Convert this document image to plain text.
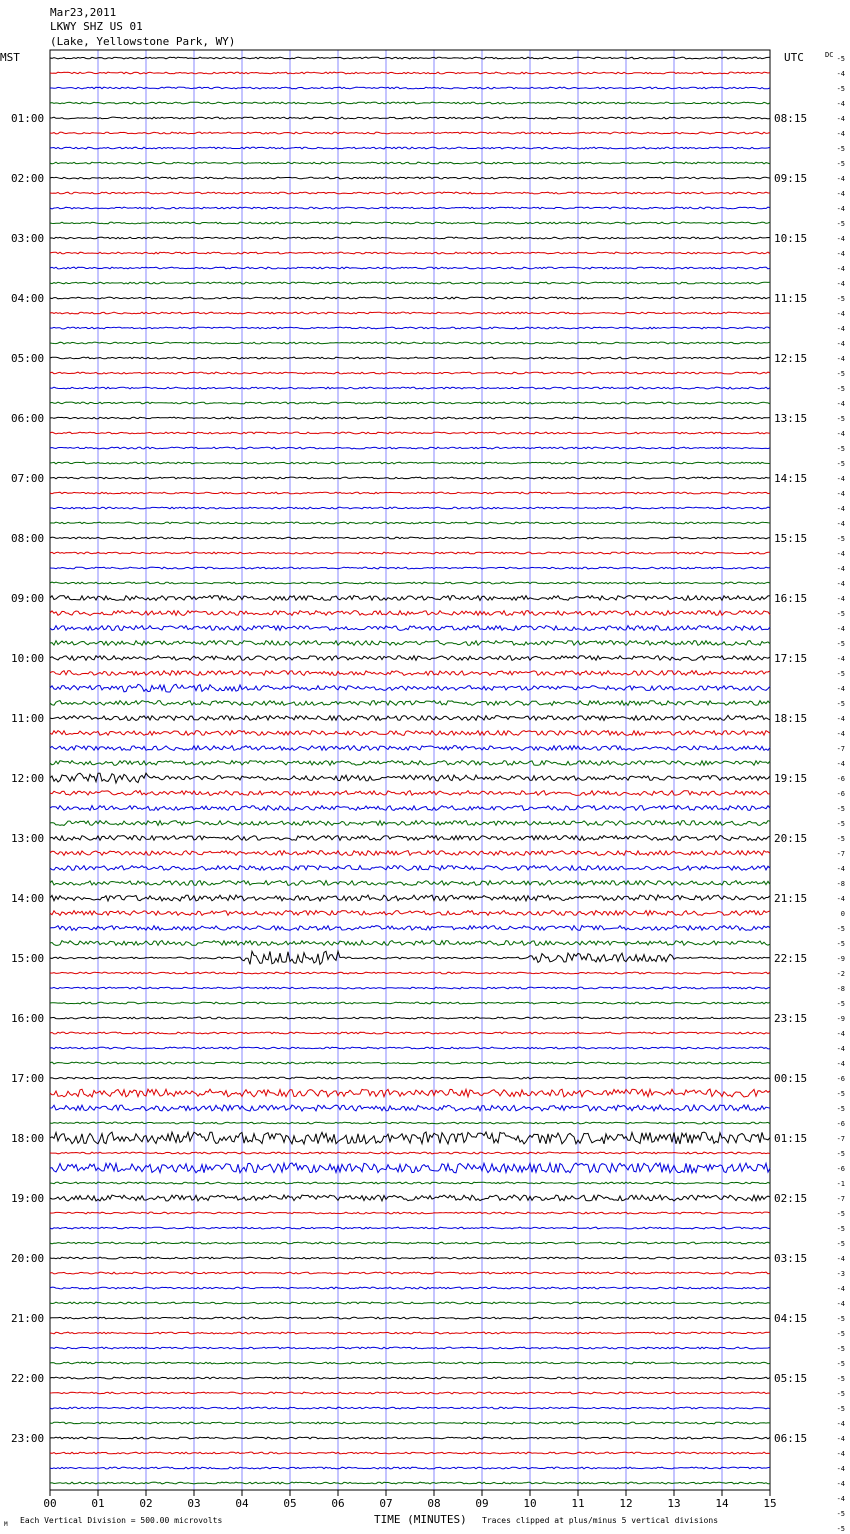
00	01	02	03	04	05	06	07	08	09	10	11	12	13	14	15
Mar23,2011
LKWY SHZ US 01
(Lake, Yellowstone Park, WY)
MST	UTC	DC
01:00
02:00
03:00
04:00
05:00
06:00
07:00
08:00
09:00
10:00
11:00
12:00
13:00
14:00
15:00
16:00
17:00
18:00
19:00
20:00
21:00
22:00
23:00
08:15
09:15
10:15
11:15
12:15
13:15
14:15
15:15
16:15
17:15
18:15
19:15
20:15
21:15
22:15
23:15
00:15
01:15
02:15
03:15
04:15
05:15
06:15
-5
-4
-5
-4
-4
-4
-5
-5
-4
-4
-4
-5
-4
-4
-4
-4
-5
-4
-4
-4
-4
-5
-5
-4
-5
-4
-5
-5
-4
-4
-4
-4
-5
-4
-4
-4
-4
-5
-4
-5
-4
-5
-4
-5
-4
-4
-7
-4
-6
-6
-5
-5
-5
-7
-4
-8
-4
0
-5
-5
-9
-2
-8
-5
-9
-4
-4
-4
-6
-5
-5
-6
-7
-5
-6
-1
-7
-5
-5
-5
-4
-3
-4
-4
-5
-5
-5
-5
-5
-5
-5
-4
-4
-4
-4
-4
-4
-5
-5
M Each Vertical Division = 500.00 microvolts	TIME (MINUTES) Traces clipped at plus/minus 5 vertical divisions
